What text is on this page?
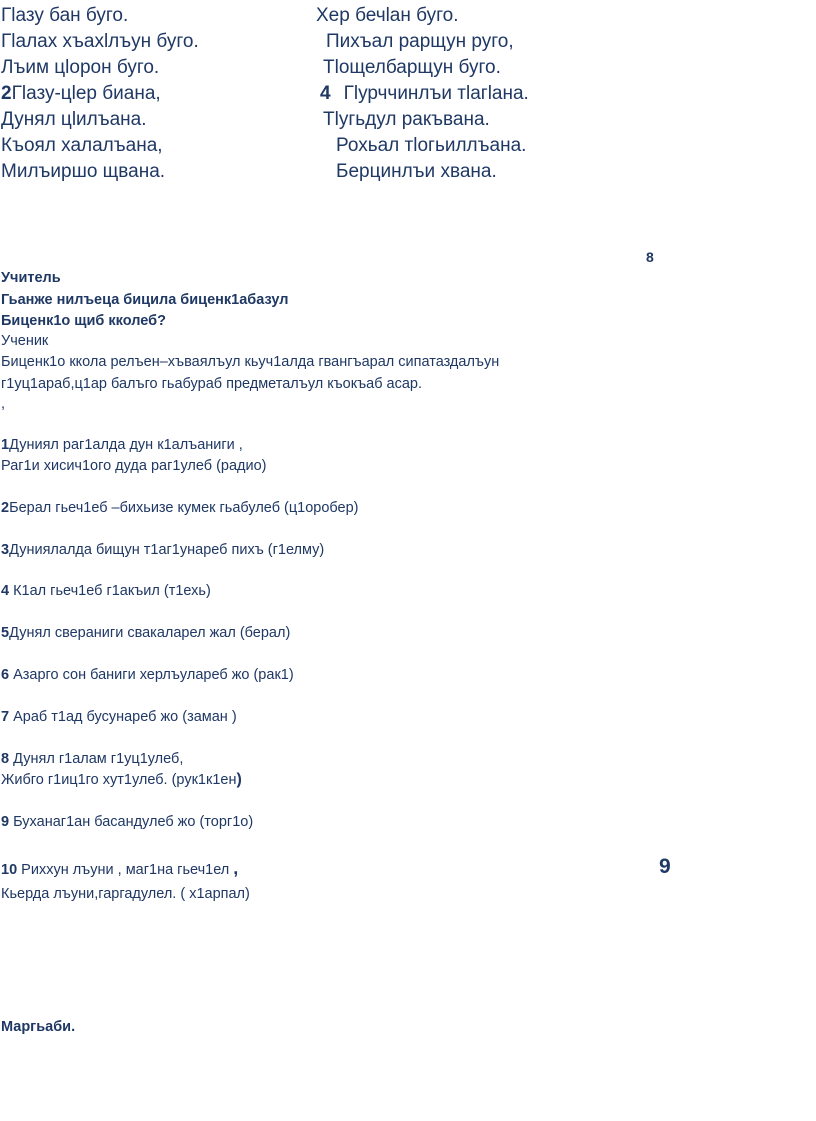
Гlазу бан буго.
Гlалах хъахlлъун буго.
Лъим цlорон буго.
2Гlазу-цlер биана,
Дунял цlилъана.
Къоял халалъана,
Милъиршо щвана.
Хер бечlан буго.
Пихъал рарщун руго,
Тlощелбарщун буго.
4 Гlурччинлъи тlагlана.
Тlугьдул ракъвана.
Рохьал тlогьиллъана.
Берцинлъи хвана.
8
Учитель
Гьанже нилъеца бицила биценк1абазул
Биценк1о щиб кколеб?
Ученик
Биценк1о ккола релъен–хъваялъул кьуч1алда гвангъарал сипатаздалъун
г1уц1араб,ц1ар балъго гьабураб предметалъул къокъаб асар.
,
1Дуниял раг1алда дун к1алъаниги ,
Раг1и хисич1ого дуда раг1улеб (радио)
2Берал гьеч1еб –бихьизе кумек гьабулеб (ц1оробер)
3Дуниялалда бищун т1аг1унареб пихъ (г1елму)
4 К1ал гьеч1еб г1акъил (т1ехь)
5Дунял свераниги свакаларел жал (берал)
6 Азарго сон баниги херлъулареб жо (рак1)
7 Араб т1ад бусунареб жо (заман )
8 Дунял г1алам г1уц1улеб,
Жибго г1иц1го хут1улеб. (рук1к1ен)
9 Буханаг1ан басандулеб жо (торг1о)
10 Риххун лъуни , маг1на гьеч1ел ,
Кьерда лъуни,гаргадулел. ( х1арпал)
9
Маргьаби.
